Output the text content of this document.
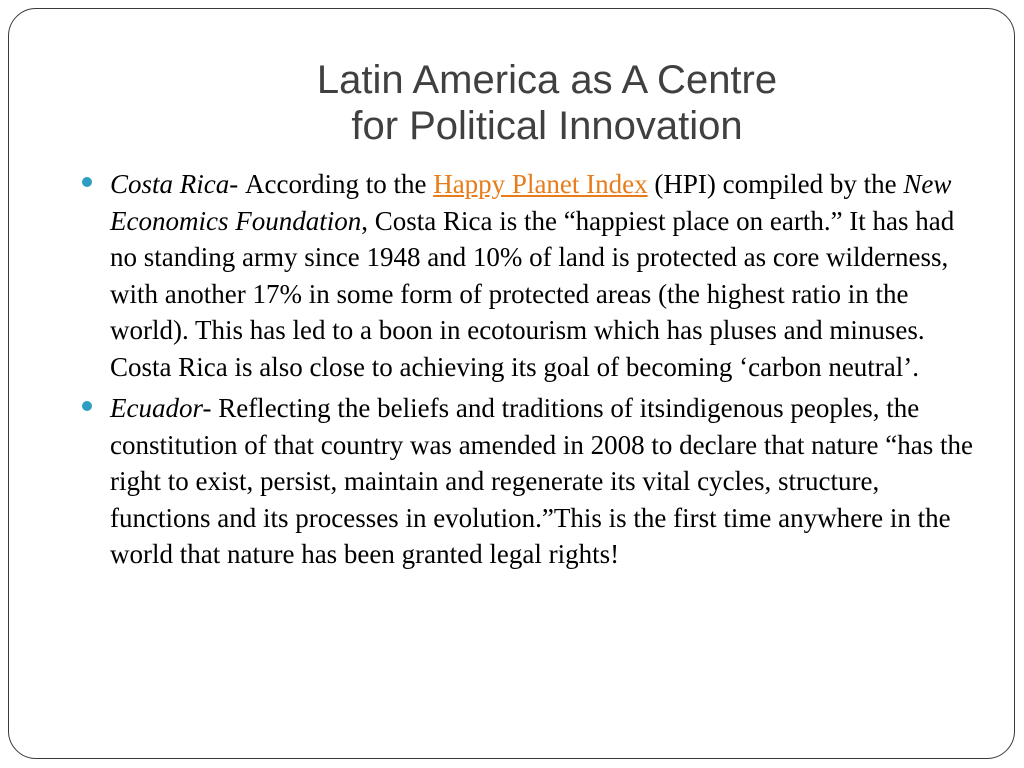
Latin America as A Centre
for Political Innovation
Costa Rica- According to the Happy Planet Index (HPI) compiled by the New Economics Foundation, Costa Rica is the “happiest place on earth.” It has had no standing army since 1948 and 10% of land is protected as core wilderness, with another 17% in some form of protected areas (the highest ratio in the world). This has led to a boon in ecotourism which has pluses and minuses. Costa Rica is also close to achieving its goal of becoming ‘carbon neutral’.
Ecuador- Reflecting the beliefs and traditions of itsindigenous peoples, the constitution of that country was amended in 2008 to declare that nature “has the right to exist, persist, maintain and regenerate its vital cycles, structure, functions and its processes in evolution.”This is the first time anywhere in the world that nature has been granted legal rights!
